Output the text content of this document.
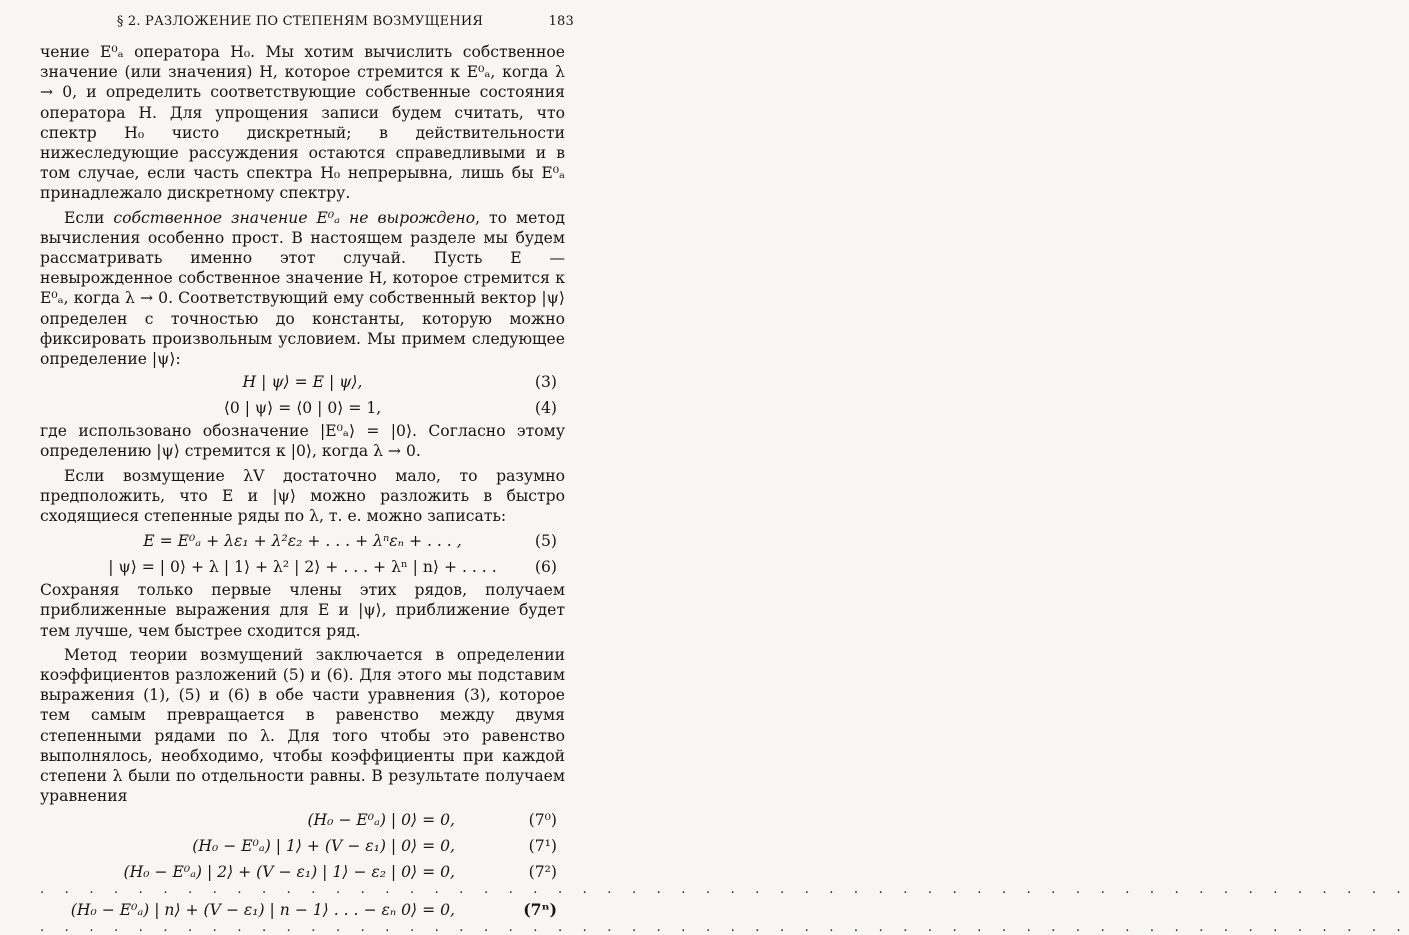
§ 2. РАЗЛОЖЕНИЕ ПО СТЕПЕНЯМ ВОЗМУЩЕНИЯ	183

чение E⁰ₐ оператора H₀. Мы хотим вычислить собственное значение (или значения) H, которое стремится к E⁰ₐ, когда λ → 0, и определить соответствующие собственные состояния оператора H. Для упрощения записи будем считать, что спектр H₀ чисто дискретный; в действительности нижеследующие рассуждения остаются справедливыми и в том случае, если часть спектра H₀ непрерывна, лишь бы E⁰ₐ принадлежало дискретному спектру.

Если собственное значение E⁰ₐ не вырождено, то метод вычисления особенно прост. В настоящем разделе мы будем рассматривать именно этот случай. Пусть E — невырожденное собственное значение H, которое стремится к E⁰ₐ, когда λ → 0. Соответствующий ему собственный вектор |ψ⟩ определен с точностью до константы, которую можно фиксировать произвольным условием. Мы примем следующее определение |ψ⟩:

H | ψ⟩ = E | ψ⟩,	(3)
⟨0 | ψ⟩ = ⟨0 | 0⟩ = 1,	(4)

где использовано обозначение |E⁰ₐ⟩ = |0⟩. Согласно этому определению |ψ⟩ стремится к |0⟩, когда λ → 0.

Если возмущение λV достаточно мало, то разумно предположить, что E и |ψ⟩ можно разложить в быстро сходящиеся степенные ряды по λ, т. е. можно записать:

E = E⁰ₐ + λε₁ + λ²ε₂ + . . . + λⁿεₙ + . . . ,	(5)
| ψ⟩ = | 0⟩ + λ | 1⟩ + λ² | 2⟩ + . . . + λⁿ | n⟩ + . . . . (6)

Сохраняя только первые члены этих рядов, получаем приближенные выражения для E и |ψ⟩, приближение будет тем лучше, чем быстрее сходится ряд.

Метод теории возмущений заключается в определении коэффициентов разложений (5) и (6). Для этого мы подставим выражения (1), (5) и (6) в обе части уравнения (3), которое тем самым превращается в равенство между двумя степенными рядами по λ. Для того чтобы это равенство выполнялось, необходимо, чтобы коэффициенты при каждой степени λ были по отдельности равны. В результате получаем уравнения

(H₀ − E⁰ₐ) | 0⟩ = 0,	(7⁰)
(H₀ − E⁰ₐ) | 1⟩ + (V − ε₁) | 0⟩ = 0,	(7¹)
(H₀ − E⁰ₐ) | 2⟩ + (V − ε₁) | 1⟩ − ε₂ | 0⟩ = 0,	(7²)
. . . . . . . . . . . . . . . . . . . . . . . . . . . . . . . . . . . . . . . . . . . . . . . . . . . . . . . .
(H₀ − E⁰ₐ) | n⟩ + (V − ε₁) | n − 1⟩ . . . − εₙ 0⟩ = 0,	(7ⁿ)
. . . . . . . . . . . . . . . . . . . . . . . . . . . . . . . . . . . . . . . . . . . . . . . . . . . . . . . .
